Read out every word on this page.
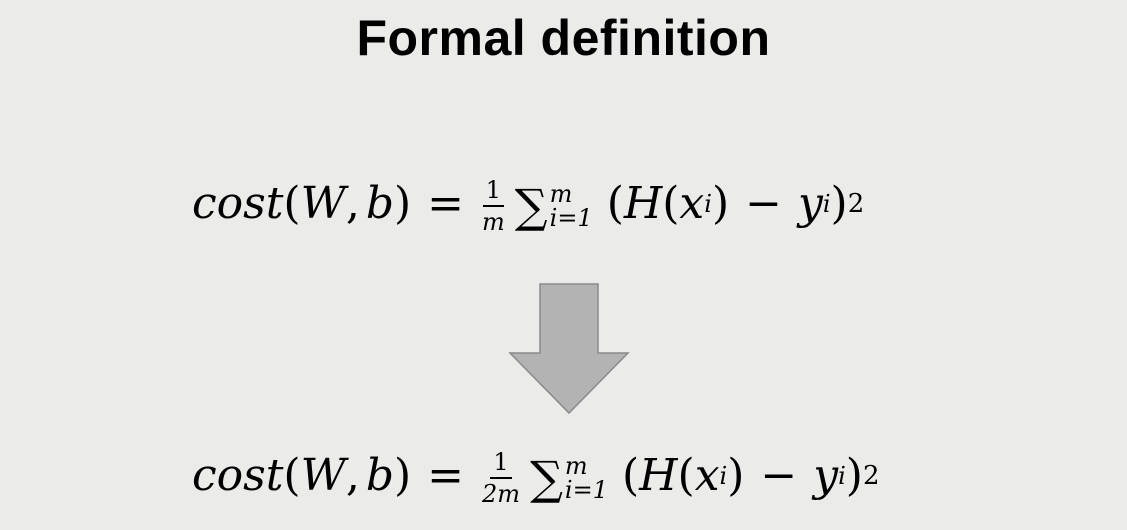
Formal definition
cost ( W , b ) = $\frac{1}{m}$ ∑ m
i=1 ( H ( x i ) − y i ) 2
cost ( W , b ) = $\frac{1}{2m}$ ∑ m
i=1 ( H ( x i ) − y i ) 2
